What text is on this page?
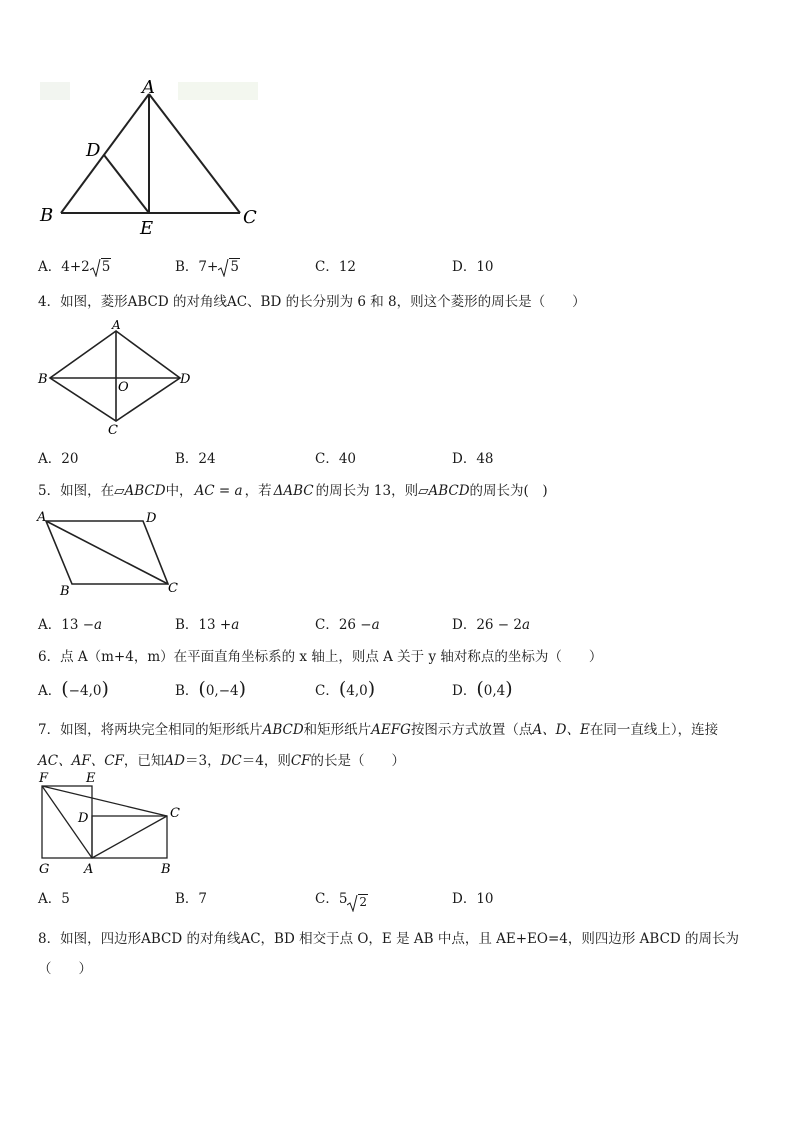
A
D
B
E
C
A．4+2 5	B．7+ 5	C．12	D．10
4．如图，菱形ABCD 的对角线AC、BD 的长分别为 6 和 8，则这个菱形的周长是（　　）
A
B
O
D
C
A．20	B．24	C．40	D．48
5．如图，在▱ABCD中， AC = a ，若 ΔABC 的周长为 13，则▱ABCD的周长为(　)
A	D
B	C
A．13 −a	B．13 +a	C．26 −a	D．26 − 2a
6．点 A（m+4，m）在平面直角坐标系的 x 轴上，则点 A 关于 y 轴对称点的坐标为（　　）
A．(−4,0)	B．(0,−4)	C．(4,0)	D．(0,4)
7．如图，将两块完全相同的矩形纸片ABCD和矩形纸片AEFG按图示方式放置（点A、D、E在同一直线上），连接
AC、AF、CF，已知AD＝3，DC＝4，则CF的长是（　　）
F	E
D	C
G	A	B
A．5	B．7	C．5 2	D．10
8．如图，四边形ABCD 的对角线AC，BD 相交于点 O，E 是 AB 中点，且 AE+EO=4，则四边形 ABCD 的周长为
（　　）
